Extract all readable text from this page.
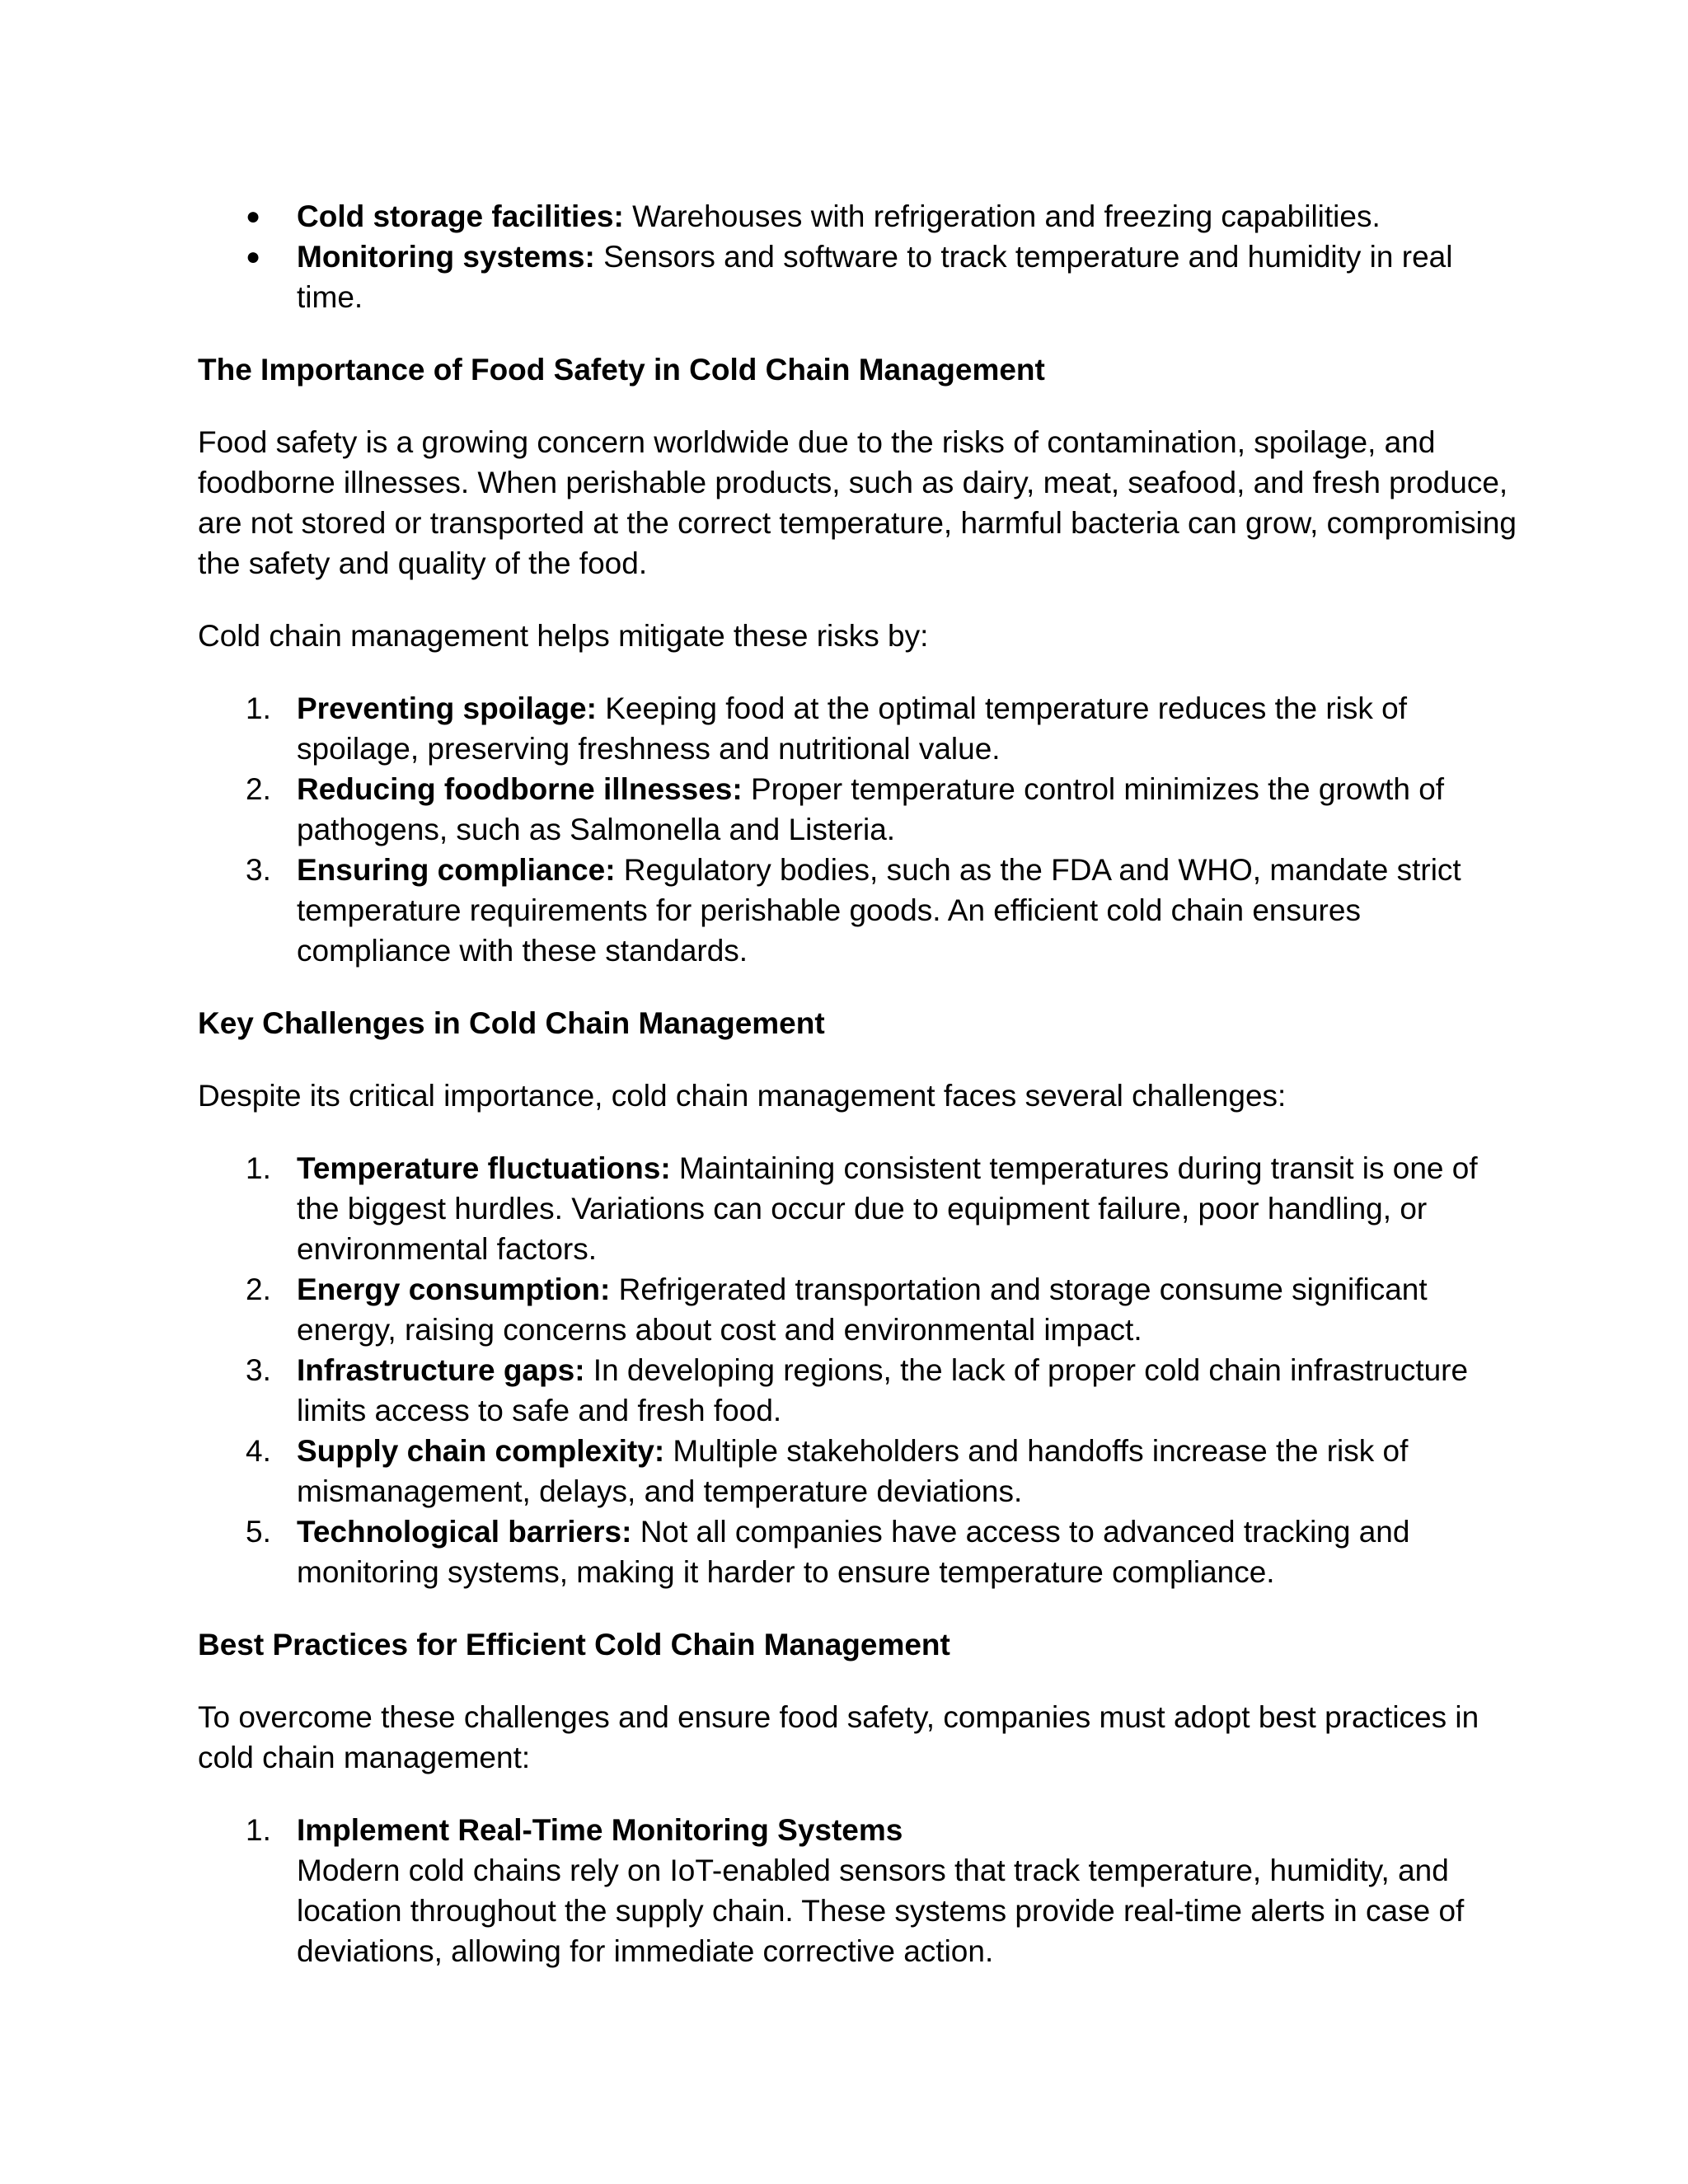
● Cold storage facilities: Warehouses with refrigeration and freezing capabilities.
● Monitoring systems: Sensors and software to track temperature and humidity in real time.
The Importance of Food Safety in Cold Chain Management

Food safety is a growing concern worldwide due to the risks of contamination, spoilage, and foodborne illnesses. When perishable products, such as dairy, meat, seafood, and fresh produce, are not stored or transported at the correct temperature, harmful bacteria can grow, compromising the safety and quality of the food.

Cold chain management helps mitigate these risks by:

1. Preventing spoilage: Keeping food at the optimal temperature reduces the risk of spoilage, preserving freshness and nutritional value.
2. Reducing foodborne illnesses: Proper temperature control minimizes the growth of pathogens, such as Salmonella and Listeria.
3. Ensuring compliance: Regulatory bodies, such as the FDA and WHO, mandate strict temperature requirements for perishable goods. An efficient cold chain ensures compliance with these standards.
Key Challenges in Cold Chain Management

Despite its critical importance, cold chain management faces several challenges:

1. Temperature fluctuations: Maintaining consistent temperatures during transit is one of the biggest hurdles. Variations can occur due to equipment failure, poor handling, or environmental factors.
2. Energy consumption: Refrigerated transportation and storage consume significant energy, raising concerns about cost and environmental impact.
3. Infrastructure gaps: In developing regions, the lack of proper cold chain infrastructure limits access to safe and fresh food.
4. Supply chain complexity: Multiple stakeholders and handoffs increase the risk of mismanagement, delays, and temperature deviations.
5. Technological barriers: Not all companies have access to advanced tracking and monitoring systems, making it harder to ensure temperature compliance.
Best Practices for Efficient Cold Chain Management

To overcome these challenges and ensure food safety, companies must adopt best practices in cold chain management:

1. Implement Real-Time Monitoring Systems
Modern cold chains rely on IoT-enabled sensors that track temperature, humidity, and location throughout the supply chain. These systems provide real-time alerts in case of deviations, allowing for immediate corrective action.
